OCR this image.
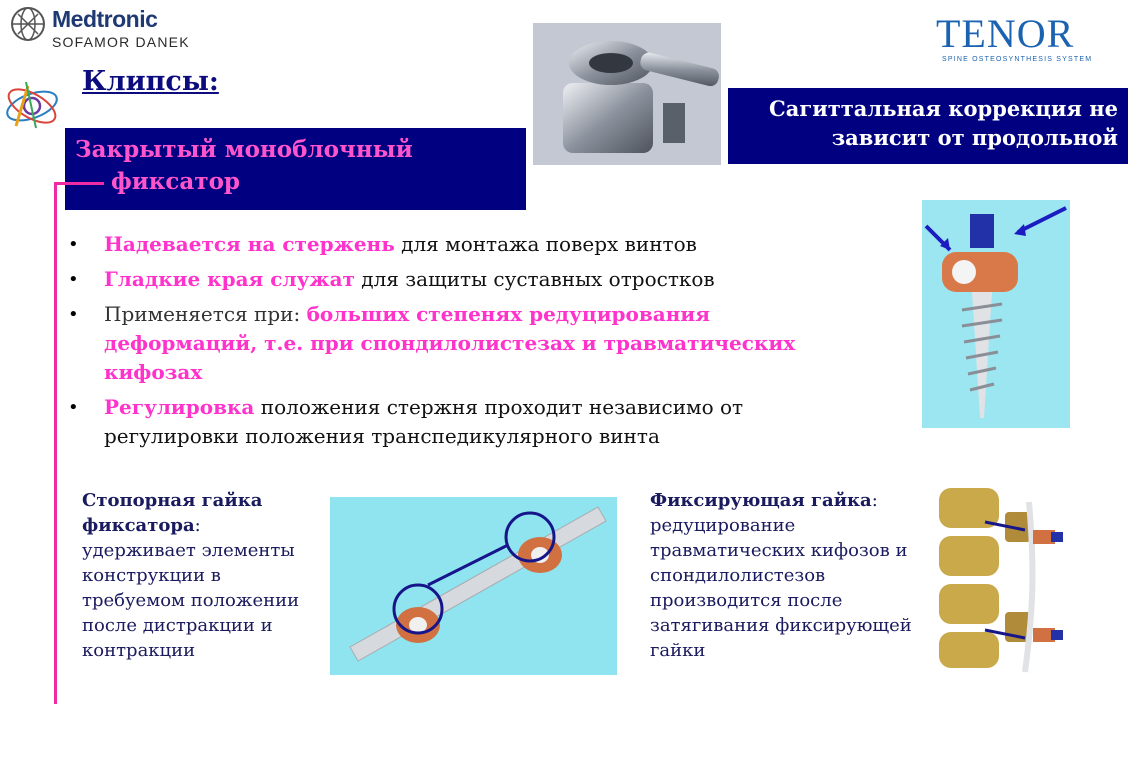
Medtronic
SOFAMOR DANEK	TENOR
SPINE OSTEOSYNTHESIS SYSTEM
Клипсы:
Закрытый моноблочный
фиксатор
Сагиттальная коррекция не
зависит от продольной
• Надевается на стержень для монтажа поверх винтов
• Гладкие края служат для защиты суставных отростков
• Применяется при: больших степенях редуцирования деформаций, т.е. при спондилолистезах и травматических кифозах
• Регулировка положения стержня проходит независимо от регулировки положения транспедикулярного винта
Стопорная гайка фиксатора: удерживает элементы конструкции в требуемом положении после дистракции и контракции
Фиксирующая гайка: редуцирование травматических кифозов и спондилолистезов производится после затягивания фиксирующей гайки
